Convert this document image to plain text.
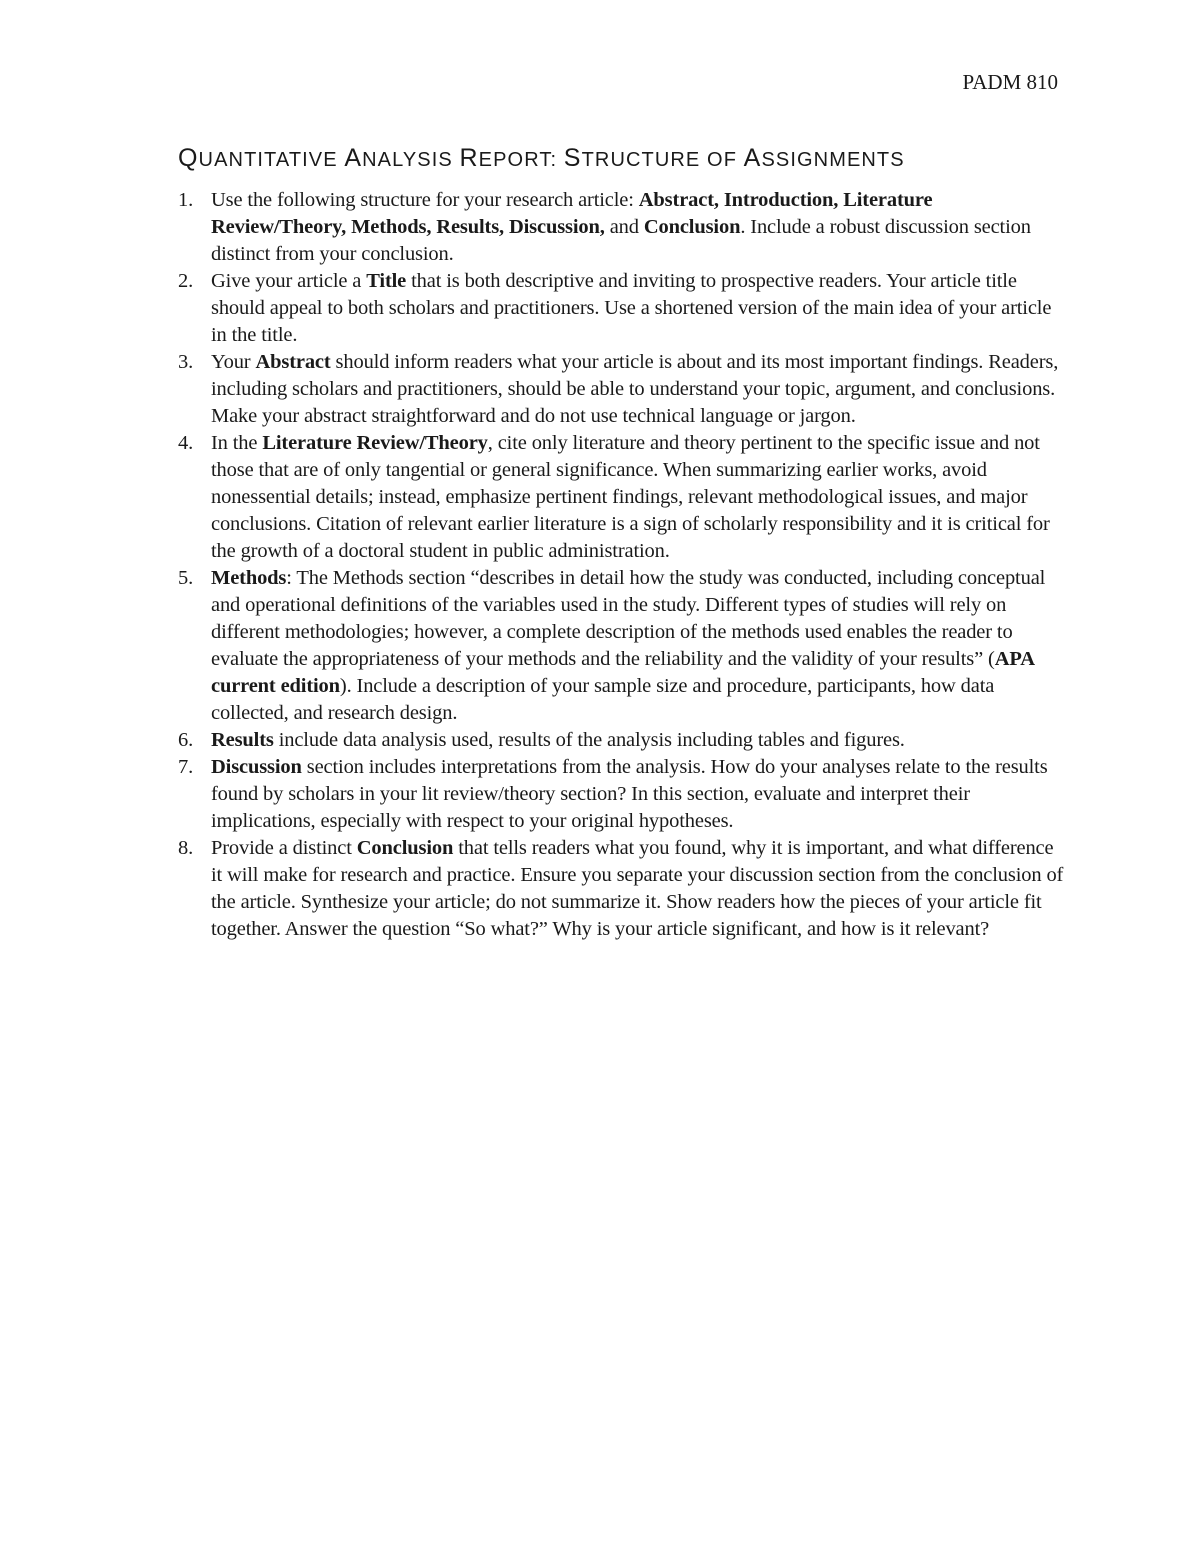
PADM 810
QUANTITATIVE ANALYSIS REPORT: STRUCTURE OF ASSIGNMENTS
1. Use the following structure for your research article: Abstract, Introduction, Literature Review/Theory, Methods, Results, Discussion, and Conclusion. Include a robust discussion section distinct from your conclusion.
2. Give your article a Title that is both descriptive and inviting to prospective readers. Your article title should appeal to both scholars and practitioners. Use a shortened version of the main idea of your article in the title.
3. Your Abstract should inform readers what your article is about and its most important findings. Readers, including scholars and practitioners, should be able to understand your topic, argument, and conclusions. Make your abstract straightforward and do not use technical language or jargon.
4. In the Literature Review/Theory, cite only literature and theory pertinent to the specific issue and not those that are of only tangential or general significance. When summarizing earlier works, avoid nonessential details; instead, emphasize pertinent findings, relevant methodological issues, and major conclusions. Citation of relevant earlier literature is a sign of scholarly responsibility and it is critical for the growth of a doctoral student in public administration.
5. Methods: The Methods section “describes in detail how the study was conducted, including conceptual and operational definitions of the variables used in the study. Different types of studies will rely on different methodologies; however, a complete description of the methods used enables the reader to evaluate the appropriateness of your methods and the reliability and the validity of your results” (APA current edition). Include a description of your sample size and procedure, participants, how data collected, and research design.
6. Results include data analysis used, results of the analysis including tables and figures.
7. Discussion section includes interpretations from the analysis. How do your analyses relate to the results found by scholars in your lit review/theory section? In this section, evaluate and interpret their implications, especially with respect to your original hypotheses.
8. Provide a distinct Conclusion that tells readers what you found, why it is important, and what difference it will make for research and practice. Ensure you separate your discussion section from the conclusion of the article. Synthesize your article; do not summarize it. Show readers how the pieces of your article fit together. Answer the question “So what?” Why is your article significant, and how is it relevant?
